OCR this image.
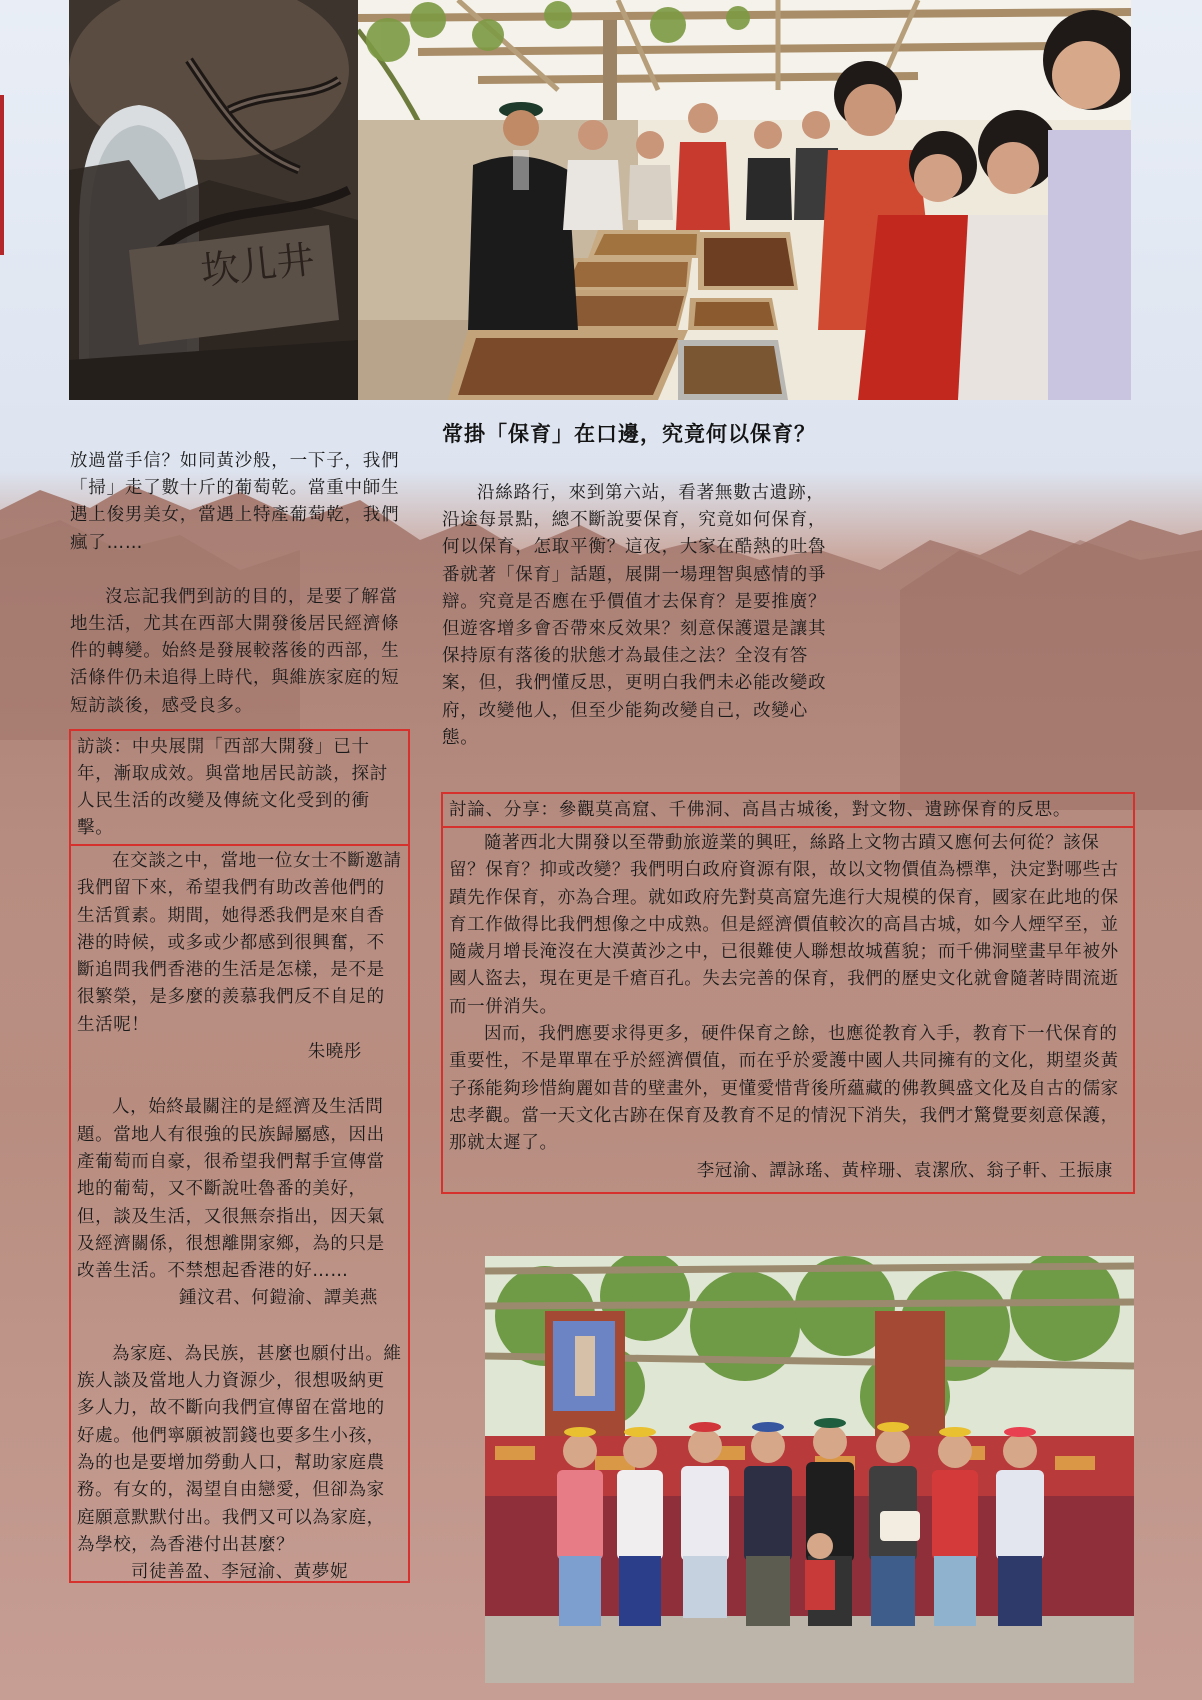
坎儿井
常掛「保育」在口邊，究竟何以保育？

放過當手信？如同黃沙般，一下子，我們「掃」走了數十斤的葡萄乾。當重中師生遇上俊男美女，當遇上特產葡萄乾，我們瘋了……

沒忘記我們到訪的目的，是要了解當地生活，尤其在西部大開發後居民經濟條件的轉變。始終是發展較落後的西部，生活條件仍未追得上時代，與維族家庭的短短訪談後，感受良多。

沿絲路行，來到第六站，看著無數古遺跡，沿途每景點，總不斷說要保育，究竟如何保育，何以保育，怎取平衡？這夜，大家在酷熱的吐魯番就著「保育」話題，展開一場理智與感情的爭辯。究竟是否應在乎價值才去保育？是要推廣？但遊客增多會否帶來反效果？刻意保護還是讓其保持原有落後的狀態才為最佳之法？全沒有答案，但，我們懂反思，更明白我們未必能改變政府，改變他人，但至少能夠改變自己，改變心態。

訪談：中央展開「西部大開發」已十年，漸取成效。與當地居民訪談，探討人民生活的改變及傳統文化受到的衝擊。

在交談之中，當地一位女士不斷邀請我們留下來，希望我們有助改善他們的生活質素。期間，她得悉我們是來自香港的時候，或多或少都感到很興奮，不斷追問我們香港的生活是怎樣，是不是很繁榮，是多麼的羨慕我們反不自足的生活呢！

朱曉彤

人，始終最關注的是經濟及生活問題。當地人有很強的民族歸屬感，因出產葡萄而自豪，很希望我們幫手宣傳當地的葡萄，又不斷說吐魯番的美好，但，談及生活，又很無奈指出，因天氣及經濟關係，很想離開家鄉，為的只是改善生活。不禁想起香港的好……

鍾汶君、何鎧渝、譚美燕

為家庭、為民族，甚麼也願付出。維族人談及當地人力資源少，很想吸納更多人力，故不斷向我們宣傳留在當地的好處。他們寧願被罰錢也要多生小孩，為的也是要增加勞動人口，幫助家庭農務。有女的，渴望自由戀愛，但卻為家庭願意默默付出。我們又可以為家庭，為學校，為香港付出甚麼？

司徒善盈、李冠渝、黃夢妮
討論、分享：參觀莫高窟、千佛洞、高昌古城後，對文物、遺跡保育的反思。

隨著西北大開發以至帶動旅遊業的興旺，絲路上文物古蹟又應何去何從？該保留？保育？抑或改變？我們明白政府資源有限，故以文物價值為標準，決定對哪些古蹟先作保育，亦為合理。就如政府先對莫高窟先進行大規模的保育，國家在此地的保育工作做得比我們想像之中成熟。但是經濟價值較次的高昌古城，如今人煙罕至，並隨歲月增長淹沒在大漠黃沙之中，已很難使人聯想故城舊貌；而千佛洞壁畫早年被外國人盜去，現在更是千瘡百孔。失去完善的保育，我們的歷史文化就會隨著時間流逝而一併消失。

因而，我們應要求得更多，硬件保育之餘，也應從教育入手，教育下一代保育的重要性，不是單單在乎於經濟價值，而在乎於愛護中國人共同擁有的文化，期望炎黃子孫能夠珍惜絢麗如昔的壁畫外，更懂愛惜背後所蘊藏的佛教興盛文化及自古的儒家忠孝觀。當一天文化古跡在保育及教育不足的情況下消失，我們才驚覺要刻意保護，那就太遲了。

李冠渝、譚詠瑤、黃梓珊、袁潔欣、翁子軒、王振康
